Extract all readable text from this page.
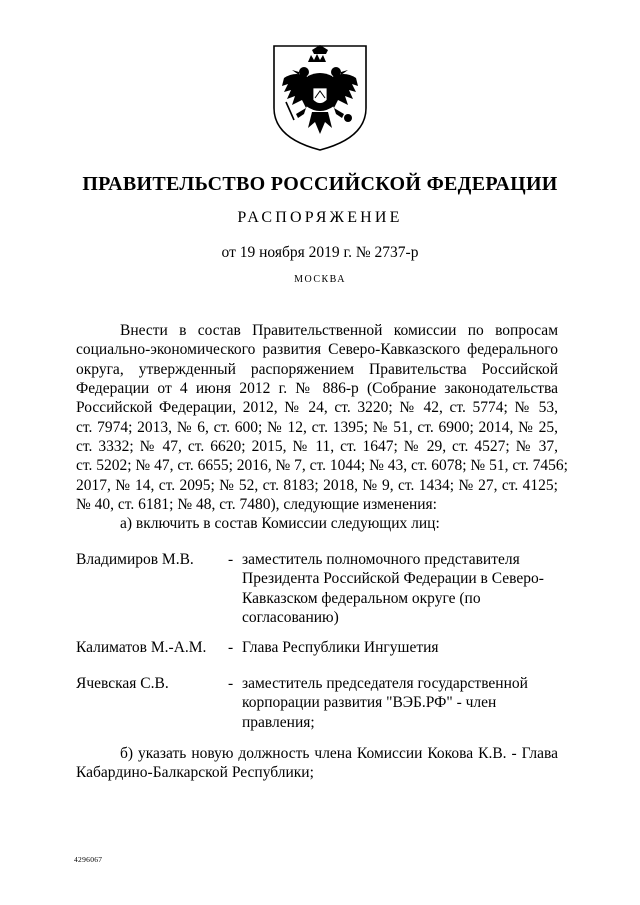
ПРАВИТЕЛЬСТВО РОССИЙСКОЙ ФЕДЕРАЦИИ
РАСПОРЯЖЕНИЕ
от 19 ноября 2019 г. № 2737-р
МОСКВА
Внести в состав Правительственной комиссии по вопросам
социально-экономического развития Северо-Кавказского федерального
округа, утвержденный распоряжением Правительства Российской
Федерации от 4 июня 2012 г. № 886-р (Собрание законодательства
Российской Федерации, 2012, № 24, ст. 3220; № 42, ст. 5774; № 53,
ст. 7974; 2013, № 6, ст. 600; № 12, ст. 1395; № 51, ст. 6900; 2014, № 25,
ст. 3332; № 47, ст. 6620; 2015, № 11, ст. 1647; № 29, ст. 4527; № 37,
ст. 5202; № 47, ст. 6655; 2016, № 7, ст. 1044; № 43, ст. 6078; № 51, ст. 7456;
2017, № 14, ст. 2095; № 52, ст. 8183; 2018, № 9, ст. 1434; № 27, ст. 4125;
№ 40, ст. 6181; № 48, ст. 7480), следующие изменения:
а) включить в состав Комиссии следующих лиц:
Владимиров М.В. - заместитель полномочного представителя Президента Российской Федерации в Северо-Кавказском федеральном округе (по согласованию)
Калиматов М.-А.М. - Глава Республики Ингушетия
Ячевская С.В.	- заместитель председателя государственной корпорации развития "ВЭБ.РФ" - член правления;
б) указать новую должность члена Комиссии Кокова К.В. - Глава
Кабардино-Балкарской Республики;
4296067
